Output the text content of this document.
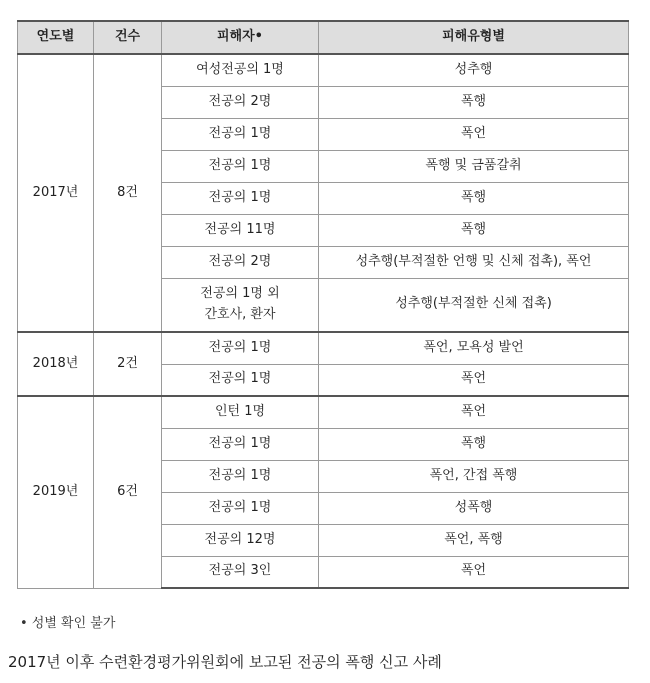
연도별	건수	피해자•	피해유형별
2017년	8건	여성전공의 1명	성추행
		전공의 2명	폭행
		전공의 1명	폭언
		전공의 1명	폭행 및 금품갈취
		전공의 1명	폭행
		전공의 11명	폭행
		전공의 2명	성추행(부적절한 언행 및 신체 접촉), 폭언
		전공의 1명 외
간호사, 환자	성추행(부적절한 신체 접촉)
2018년	2건	전공의 1명	폭언, 모욕성 발언
		전공의 1명	폭언
2019년	6건	인턴 1명	폭언
		전공의 1명	폭행
		전공의 1명	폭언, 간접 폭행
		전공의 1명	성폭행
		전공의 12명	폭언, 폭행
		전공의 3인	폭언
• 성별 확인 불가
2017년 이후 수련환경평가위원회에 보고된 전공의 폭행 신고 사례
